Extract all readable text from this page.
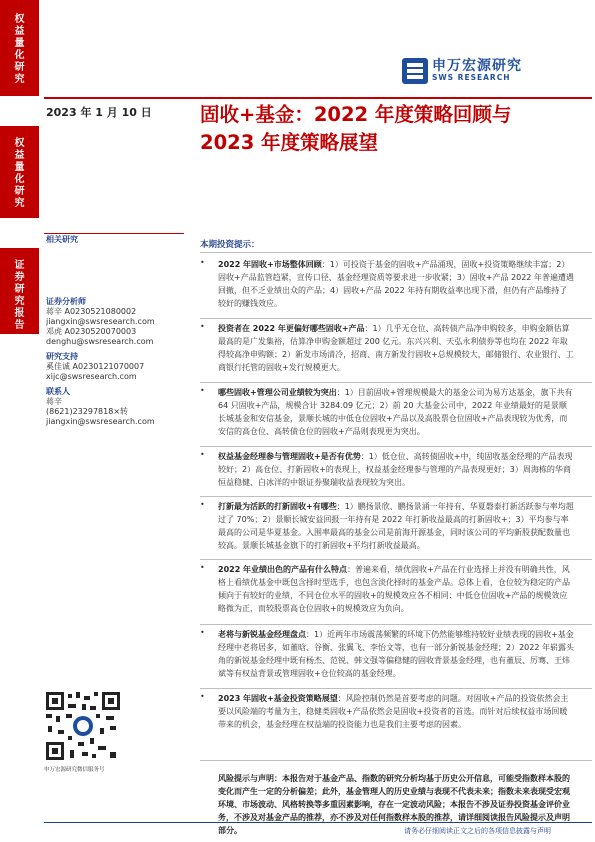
权益量化研究
权益量化研究
证券研究报告
申万宏源研究
SWS RESEARCH
2023 年 1 月 10 日 固收+基金：2022 年度策略回顾与
2023 年度策略展望
相关研究
证券分析师
蒋辛 A0230521080002
jiangxin@swsresearch.com
邓虎 A0230520070003
denghu@swsresearch.com
研究支持
奚佳诚 A0230121070007
xijc@swsresearch.com
联系人
蒋辛
(8621)23297818×转
jiangxin@swsresearch.com
申万宏源研究微信服务号
本期投资提示：
•	2022 年固收+市场整体回顾：1）可投资于基金的固收+产品涌现，固收+投资策略继续丰富；2）固收+产品监管趋紧，宣传口径、基金经理资质等要求进一步收紧；3）固收+产品 2022 年普遍遭遇回撤，但不乏业绩出众的产品；4）固收+产品 2022 年持有期收益率出现下滑，但仍有产品维持了较好的赚钱效应。
•	投资者在 2022 年更偏好哪些固收+产品：1）几乎无仓位、高转债产品净申购较多，申购金额估算最高的是广发集裕，估算净申购金额超过 200 亿元。东兴兴利、天弘永利债券等也均在 2022 年取得较高净申购额；2）新发市场清冷，招商、南方新发行固收+总规模较大，邮储银行、农业银行、工商银行托管的固收+发行规模更大。
•	哪些固收+管理公司业绩较为突出：1）目前固收+管理规模最大的基金公司为易方达基金，旗下共有 64 只固收+产品，规模合计 3284.09 亿元；2）前 20 大基金公司中，2022 年业绩最好的是景顺长城基金和安信基金，景顺长城的中低仓位固收+产品以及高股票仓位固收+产品表现较为优秀，而安信的高仓位、高转债仓位的固收+产品则表现更为突出。
•	权益基金经理参与管理固收+是否有优势：1）低仓位、高转债固收+中，纯固收基金经理的产品表现较好；2）高仓位、打新固收+的表现上，权益基金经理参与管理的产品表现更好；3）周海栋的华商恒益稳健、白冰洋的中银证券聚瑞收益表现较为突出。
•	打新最为活跃的打新固收+有哪些：1）鹏扬景欣、鹏扬景涌一年持有、华夏磐泰打新活跃参与率均超过了 70%；2）景顺长城安益回报一年持有是 2022 年打新收益最高的打新固收+；3）平均参与率最高的公司是华夏基金。入围率最高的基金公司是前海开源基金，同时该公司的平均新股获配数量也较高。景顺长城基金旗下的打新固收+平均打新收益最高。
•	2022 年业绩出色的产品有什么特点：普遍来看，绩优固收+产品在行业选择上并没有明确共性，风格上看绩优基金中既包含择时型选手，也包含淡化择时的基金产品。总体上看，仓位较为稳定的产品倾向于有较好的业绩，不同仓位水平的固收+的规模效应各不相同：中低仓位固收+产品的规模效应略微为正，而较股票高仓位固收+的规模效应为负向。
•	老将与新锐基金经理盘点：1）近两年市场震荡频繁的环境下仍然能够维持较好业绩表现的固收+基金经理中老将居多，如董晗、谷衡、张翼飞、李怡文等，也有一部分新锐基金经理；2）2022 年崭露头角的新锐基金经理中既有杨杰、范锐、韩文强等偏稳健的固收背景基金经理，也有董辰、厉骞、王炜斌等有权益背景或管理固收+仓位较高的基金经理。
•	2023 年固收+基金投资策略展望：风险控制仍然是首要考虑的问题。对固收+产品的投资依然会主要以风险端的考量为主，稳健类固收+产品依然会是固收+投资者的首选。而针对后续权益市场回暖带来的机会，基金经理在权益端的投资能力也是我们主要考虑的因素。
风险提示与声明：本报告对于基金产品、指数的研究分析均基于历史公开信息，可能受指数样本股的变化而产生一定的分析偏差；此外，基金管理人的历史业绩与表现不代表未来；指数未来表现受宏观环境、市场波动、风格转换等多重因素影响，存在一定波动风险；本报告不涉及证券投资基金评价业务，不涉及对基金产品的推荐，亦不涉及对任何指数样本股的推荐，请详细阅读报告风险提示及声明部分。	请务必仔细阅读正文之后的各项信息披露与声明
